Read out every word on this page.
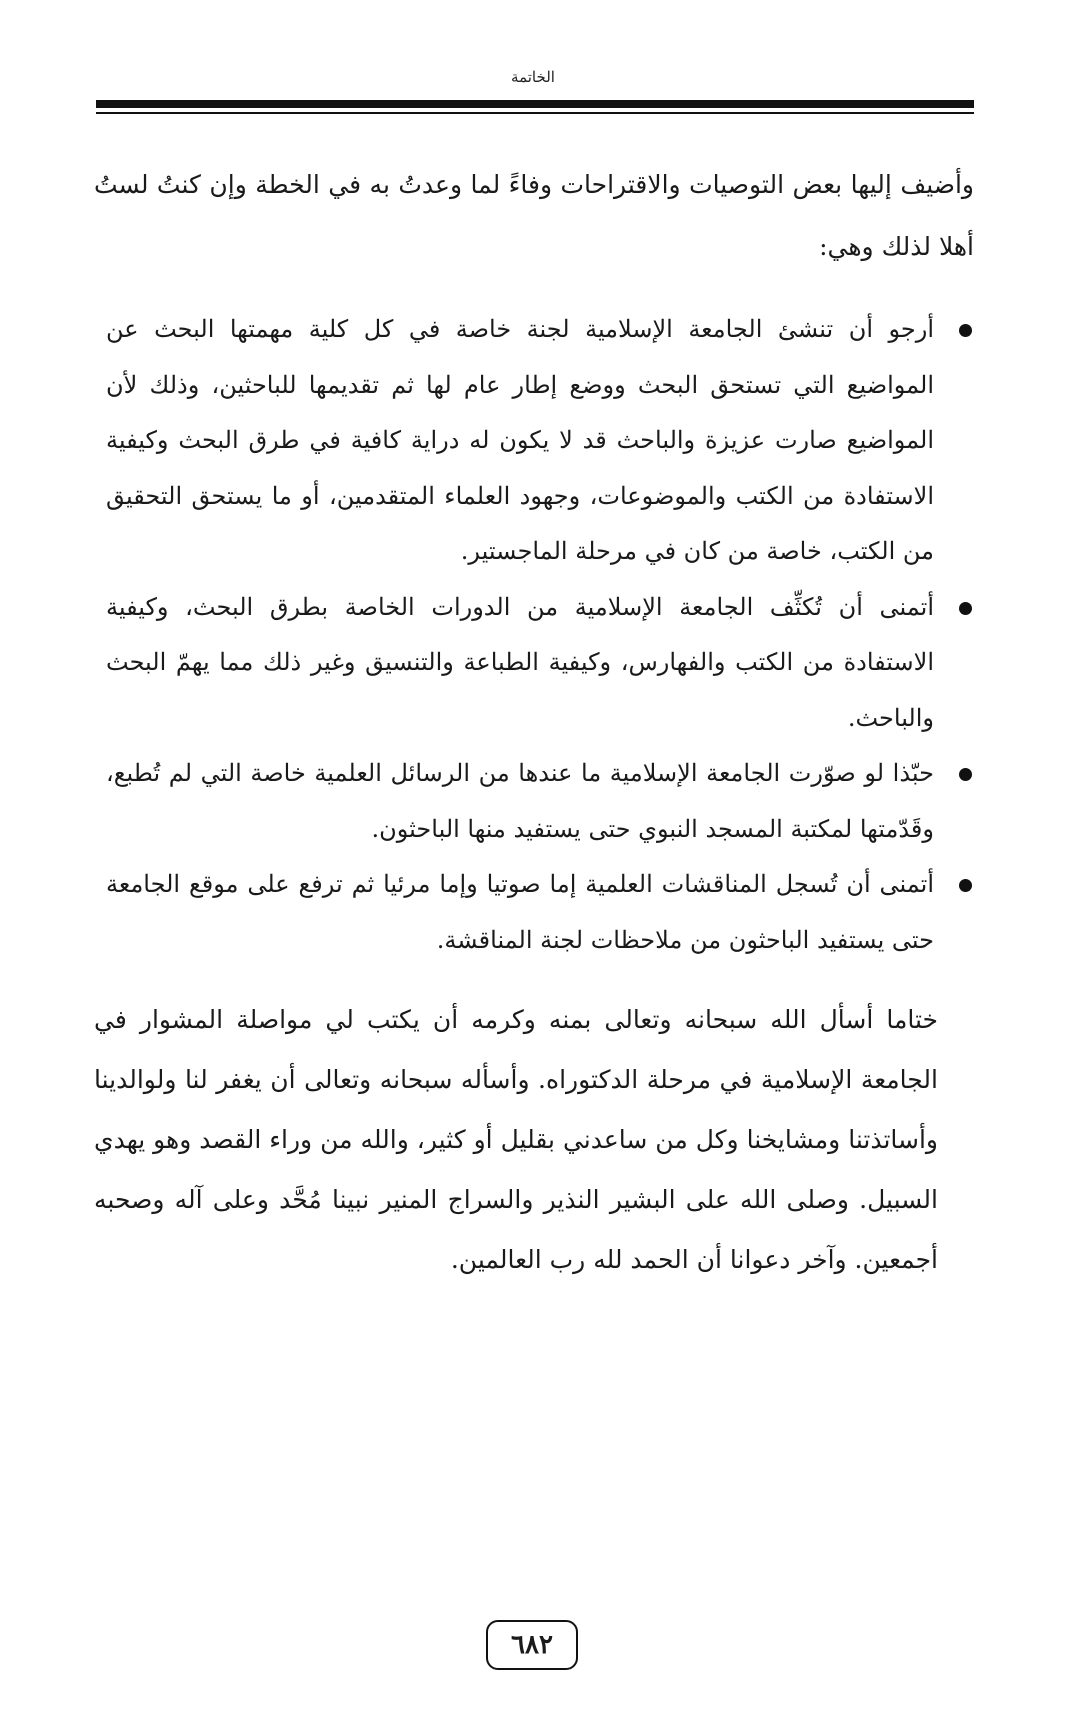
الخاتمة

وأضيف إليها بعض التوصيات والاقتراحات وفاءً لما وعدتُ به في الخطة وإن كنتُ لستُ أهلا لذلك وهي:

أرجو أن تنشئ الجامعة الإسلامية لجنة خاصة في كل كلية مهمتها البحث عن المواضيع التي تستحق البحث ووضع إطار عام لها ثم تقديمها للباحثين، وذلك لأن المواضيع صارت عزيزة والباحث قد لا يكون له دراية كافية في طرق البحث وكيفية الاستفادة من الكتب والموضوعات، وجهود العلماء المتقدمين، أو ما يستحق التحقيق من الكتب، خاصة من كان في مرحلة الماجستير.
أتمنى أن تُكثِّف الجامعة الإسلامية من الدورات الخاصة بطرق البحث، وكيفية الاستفادة من الكتب والفهارس، وكيفية الطباعة والتنسيق وغير ذلك مما يهمّ البحث والباحث.
حبّذا لو صوّرت الجامعة الإسلامية ما عندها من الرسائل العلمية خاصة التي لم تُطبع، وقَدّمتها لمكتبة المسجد النبوي حتى يستفيد منها الباحثون.
أتمنى أن تُسجل المناقشات العلمية إما صوتيا وإما مرئيا ثم ترفع على موقع الجامعة حتى يستفيد الباحثون من ملاحظات لجنة المناقشة.

ختاما أسأل الله سبحانه وتعالى بمنه وكرمه أن يكتب لي مواصلة المشوار في الجامعة الإسلامية في مرحلة الدكتوراه. وأسأله سبحانه وتعالى أن يغفر لنا ولوالدينا وأساتذتنا ومشايخنا وكل من ساعدني بقليل أو كثير، والله من وراء القصد وهو يهدي السبيل. وصلى الله على البشير النذير والسراج المنير نبينا مُحَّد وعلى آله وصحبه أجمعين. وآخر دعوانا أن الحمد لله رب العالمين.

٦٨٢
